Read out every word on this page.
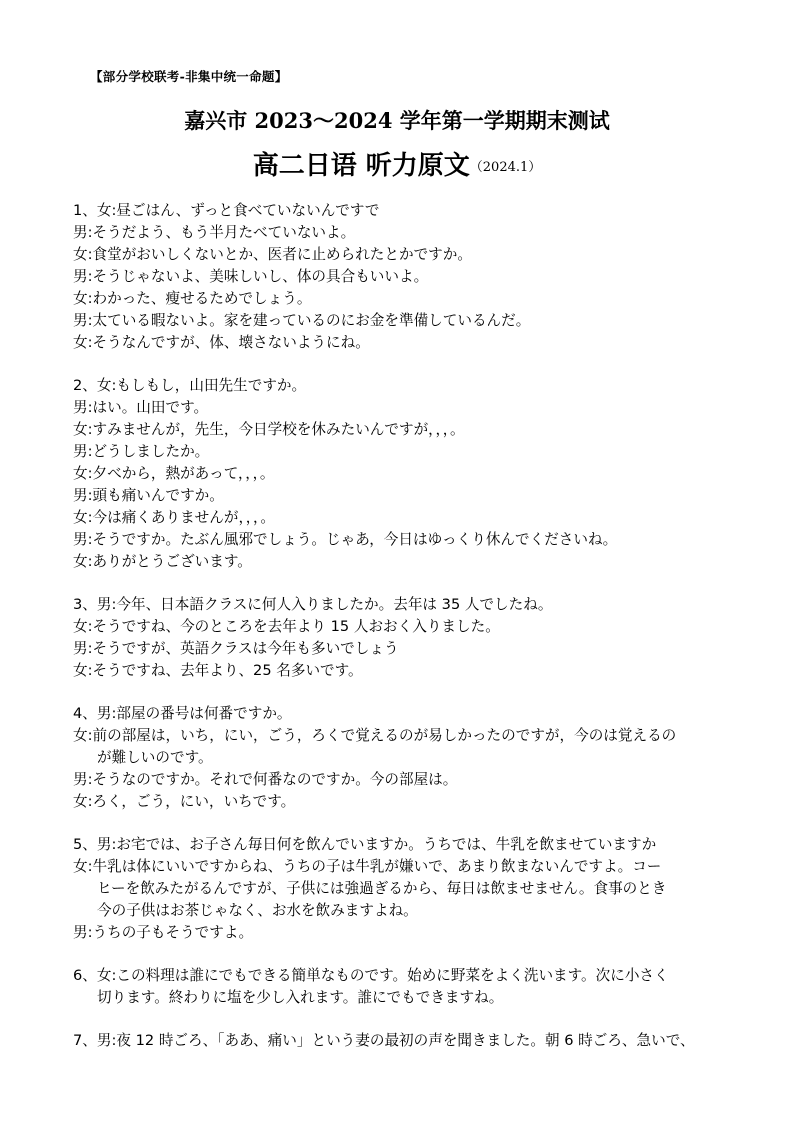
【部分学校联考-非集中统一命题】
嘉兴市 2023～2024 学年第一学期期末测试
高二日语 听力原文（2024.1）
1、女:昼ごはん、ずっと食べていないんですで
男:そうだよう、もう半月たべていないよ。
女:食堂がおいしくないとか、医者に止められたとかですか。
男:そうじゃないよ、美味しいし、体の具合もいいよ。
女:わかった、瘦せるためでしょう。
男:太ている暇ないよ。家を建っているのにお金を準備しているんだ。
女:そうなんですが、体、壊さないようにね。
2、女:もしもし，山田先生ですか。
男:はい。山田です。
女:すみませんが，先生，今日学校を休みたいんですが，，，。
男:どうしましたか。
女:夕べから，熱があって，，，。
男:頭も痛いんですか。
女:今は痛くありませんが，，，。
男:そうですか。たぶん風邪でしょう。じゃあ，今日はゆっくり休んでくださいね。
女:ありがとうございます。
3、男:今年、日本語クラスに何人入りましたか。去年は 35 人でしたね。
女:そうですね、今のところを去年より 15 人おおく入りました。
男:そうですが、英語クラスは今年も多いでしょう
女:そうですね、去年より、25 名多いです。
4、男:部屋の番号は何番ですか。
女:前の部屋は，いち，にい，ごう，ろくで覚えるのが易しかったのですが，今のは覚えるの
が難しいのです。
男:そうなのですか。それで何番なのですか。今の部屋は。
女:ろく，ごう，にい，いちです。
5、男:お宅では、お子さん毎日何を飲んでいますか。うちでは、牛乳を飲ませていますか
女:牛乳は体にいいですからね、うちの子は牛乳が嫌いで、あまり飲まないんですよ。コー
ヒーを飲みたがるんですが、子供には強過ぎるから、毎日は飲ませません。食事のとき
今の子供はお茶じゃなく、お水を飲みますよね。
男:うちの子もそうですよ。
6、女:この料理は誰にでもできる簡単なものです。始めに野菜をよく洗います。次に小さく
切ります。終わりに塩を少し入れます。誰にでもできますね。
7、男:夜 12 時ごろ、「ああ、痛い」という妻の最初の声を聞きました。朝 6 時ごろ、急いで、
